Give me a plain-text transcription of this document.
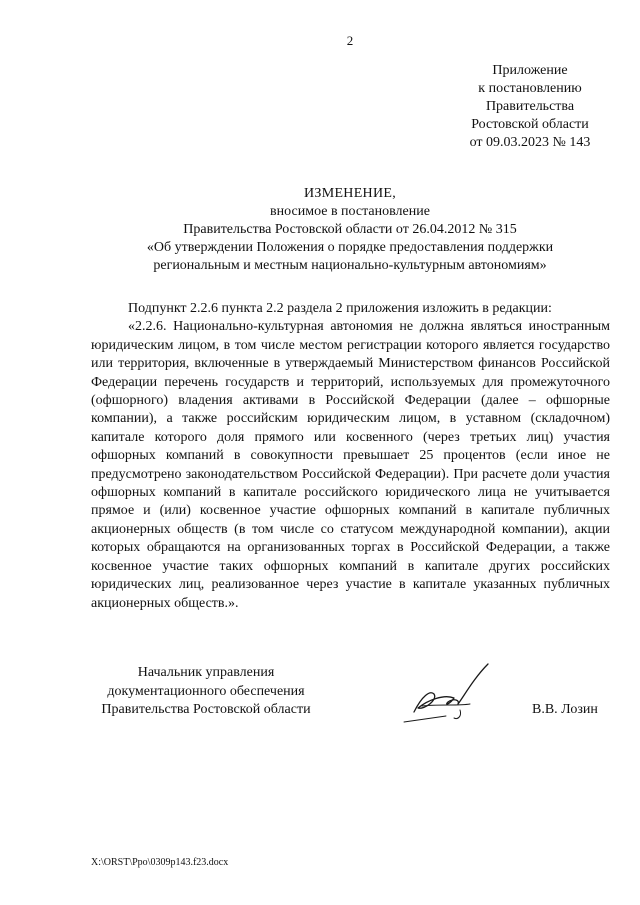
2
Приложение
к постановлению
Правительства
Ростовской области
от 09.03.2023 № 143
ИЗМЕНЕНИЕ,
вносимое в постановление
Правительства Ростовской области от 26.04.2012 № 315
«Об утверждении Положения о порядке предоставления поддержки
региональным и местным национально-культурным автономиям»

Подпункт 2.2.6 пункта 2.2 раздела 2 приложения изложить в редакции:

«2.2.6. Национально-культурная автономия не должна являться иностранным юридическим лицом, в том числе местом регистрации которого является государство или территория, включенные в утверждаемый Министерством финансов Российской Федерации перечень государств и территорий, используемых для промежуточного (офшорного) владения активами в Российской Федерации (далее – офшорные компании), а также российским юридическим лицом, в уставном (складочном) капитале которого доля прямого или косвенного (через третьих лиц) участия офшорных компаний в совокупности превышает 25 процентов (если иное не предусмотрено законодательством Российской Федерации). При расчете доли участия офшорных компаний в капитале российского юридического лица не учитывается прямое и (или) косвенное участие офшорных компаний в капитале публичных акционерных обществ (в том числе со статусом международной компании), акции которых обращаются на организованных торгах в Российской Федерации, а также косвенное участие таких офшорных компаний в капитале других российских юридических лиц, реализованное через участие в капитале указанных публичных акционерных обществ.».

Начальник управления
документационного обеспечения
Правительства Ростовской области	В.В. Лозин
X:\ORST\Ppo\0309p143.f23.docx
